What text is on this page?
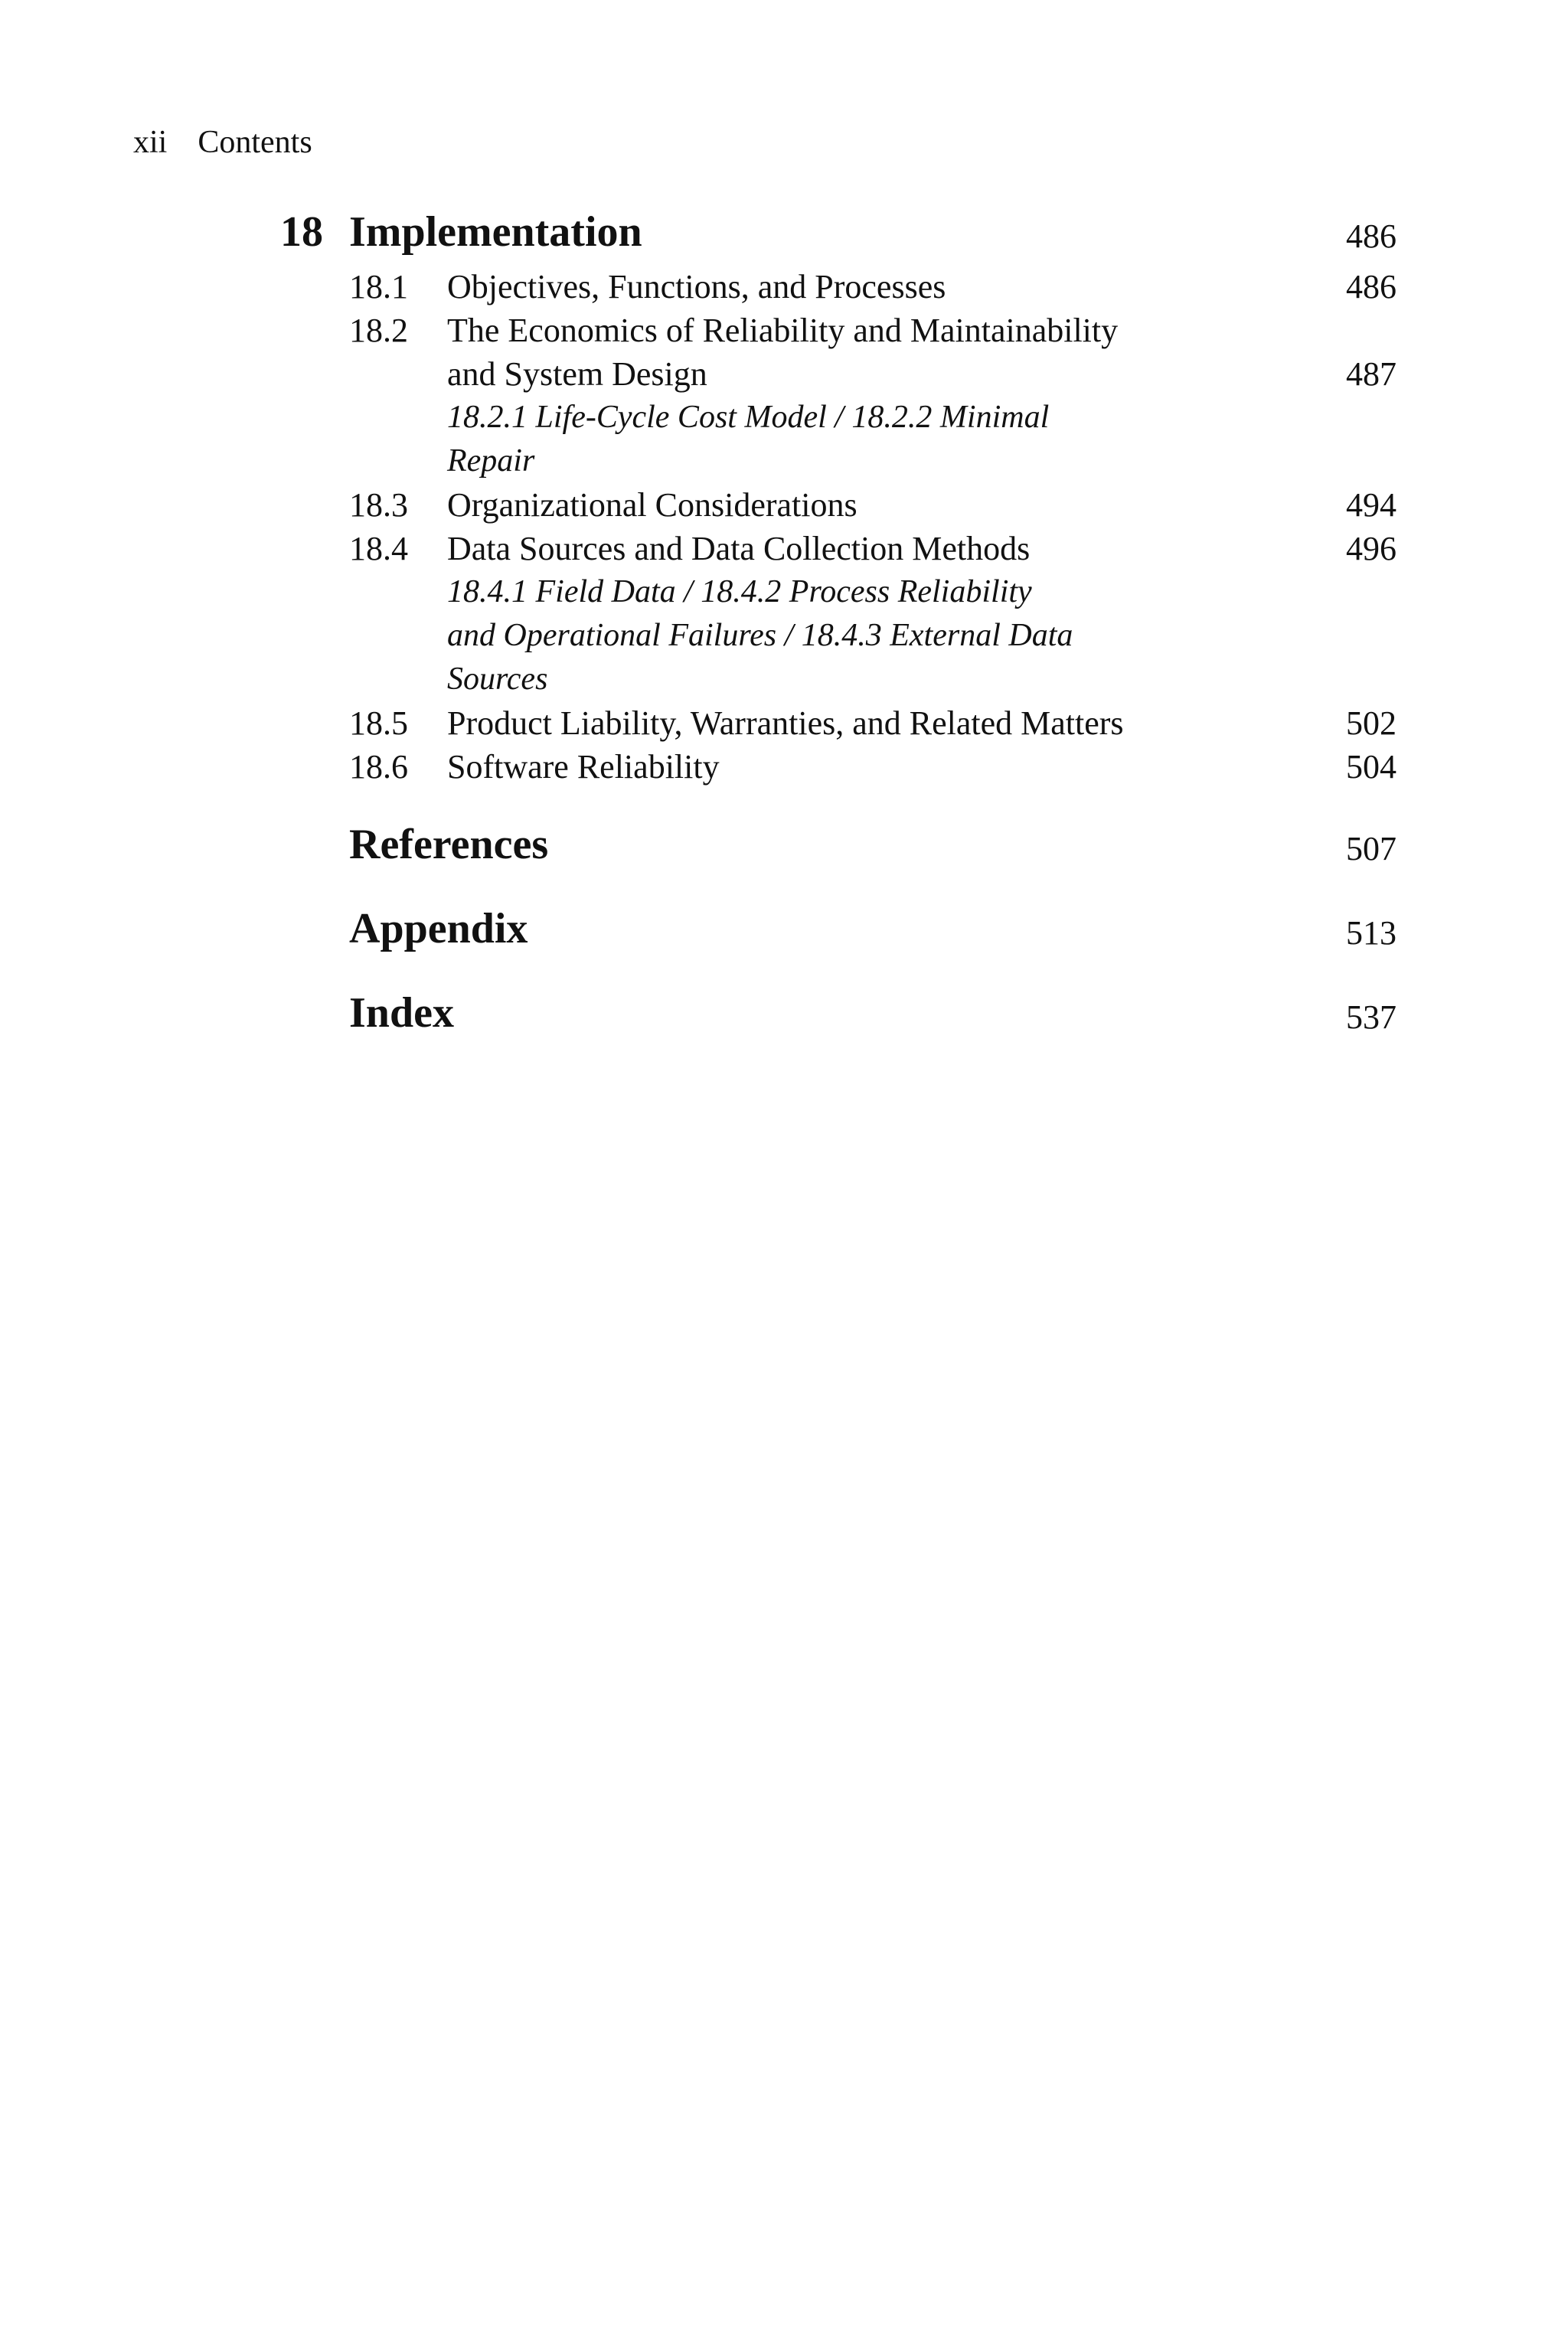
xii Contents
18 Implementation	486
18.1 Objectives, Functions, and Processes	486
18.2 The Economics of Reliability and Maintainability
and System Design	487
18.2.1 Life-Cycle Cost Model / 18.2.2 Minimal
Repair
18.3 Organizational Considerations	494
18.4 Data Sources and Data Collection Methods	496
18.4.1 Field Data / 18.4.2 Process Reliability
and Operational Failures / 18.4.3 External Data
Sources
18.5 Product Liability, Warranties, and Related Matters	502
18.6 Software Reliability	504
References	507
Appendix	513
Index	537
